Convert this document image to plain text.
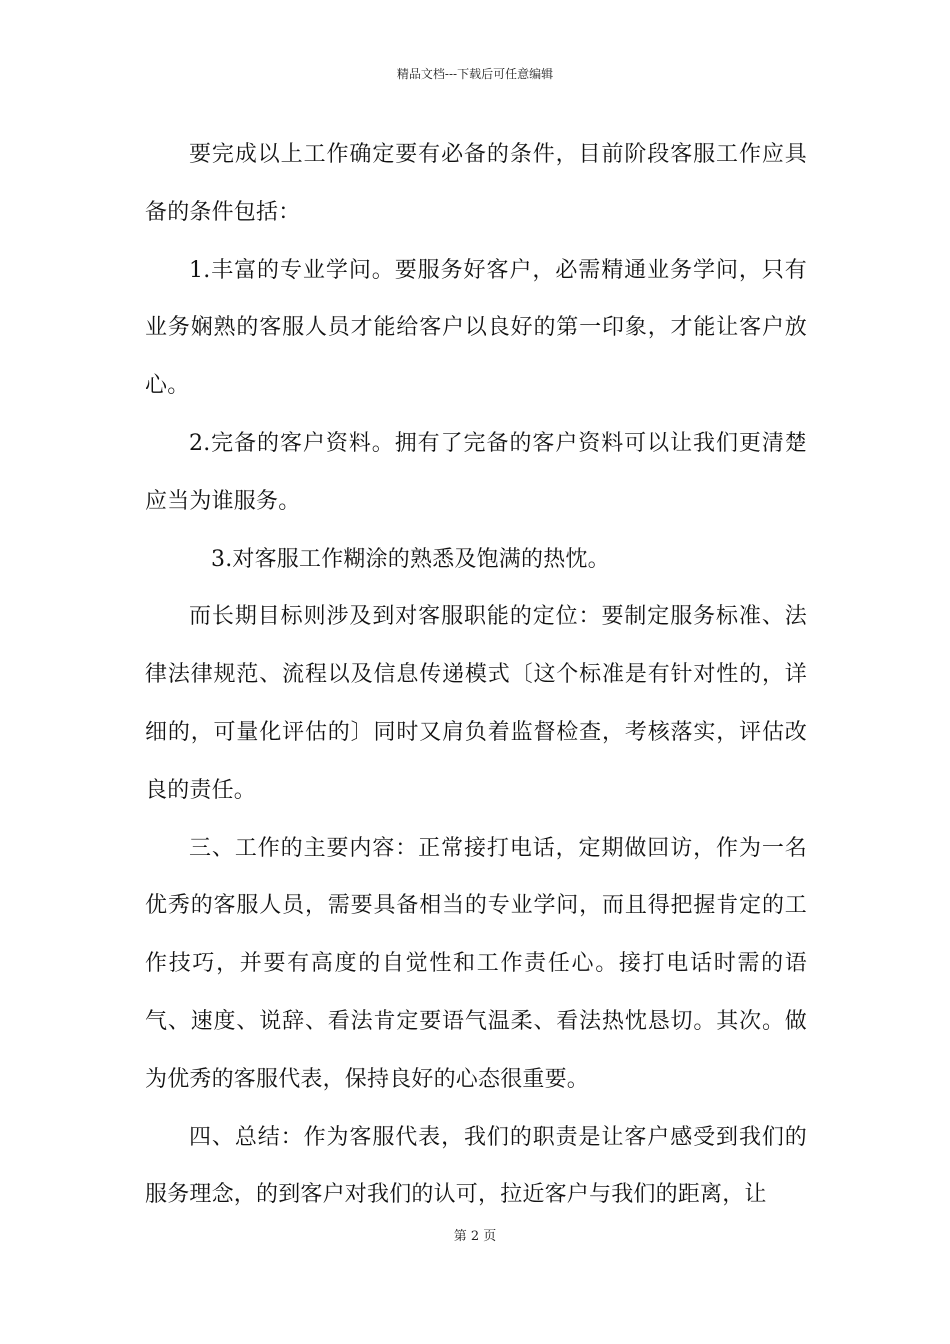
精品文档---下载后可任意编辑

要完成以上工作确定要有必备的条件，目前阶段客服工作应具备的条件包括：

1.丰富的专业学问。要服务好客户，必需精通业务学问，只有业务娴熟的客服人员才能给客户以良好的第一印象，才能让客户放心。

2.完备的客户资料。拥有了完备的客户资料可以让我们更清楚应当为谁服务。

3.对客服工作糊涂的熟悉及饱满的热忱。

而长期目标则涉及到对客服职能的定位：要制定服务标准、法律法律规范、流程以及信息传递模式〔这个标准是有针对性的，详细的，可量化评估的〕同时又肩负着监督检查，考核落实，评估改良的责任。

三、工作的主要内容：正常接打电话，定期做回访，作为一名优秀的客服人员，需要具备相当的专业学问，而且得把握肯定的工作技巧，并要有高度的自觉性和工作责任心。接打电话时需的语气、速度、说辞、看法肯定要语气温柔、看法热忱恳切。其次。做为优秀的客服代表，保持良好的心态很重要。

四、总结：作为客服代表，我们的职责是让客户感受到我们的服务理念，的到客户对我们的认可，拉近客户与我们的距离，让

第 2 页
